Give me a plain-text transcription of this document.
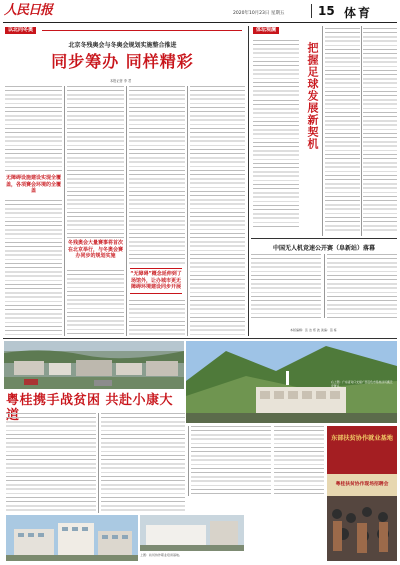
人民日报	2020年10月23日 星期五	15 体育
以北向冬奥
北京冬残奥会与冬奥会规划实施整合推进
同步筹办 同样精彩
本报记者 李 君
无障碍设施建设实现全覆盖，各项赛会环境的全覆盖
冬残奥会大量赛事将首次在北京举行，与冬奥会赛办同步的规划实施
“无障碍”概念延伸到了场馆外，让办城市更无障碍环境建设同步开展
体坛观澜
把握足球发展新契机
中国无人机竞速公开赛（阜新站）落幕
本版编辑：张 洁 郑 波 美编：苗 栋
右上图：广东省对口支援广西百色市易地扶贫搬迁安置点。
粤桂携手战贫困 共赴小康大道
东部扶贫协作就业基地
粤桂扶贫协作现场招聘会
上图：扶贫协作职业培训基地。
